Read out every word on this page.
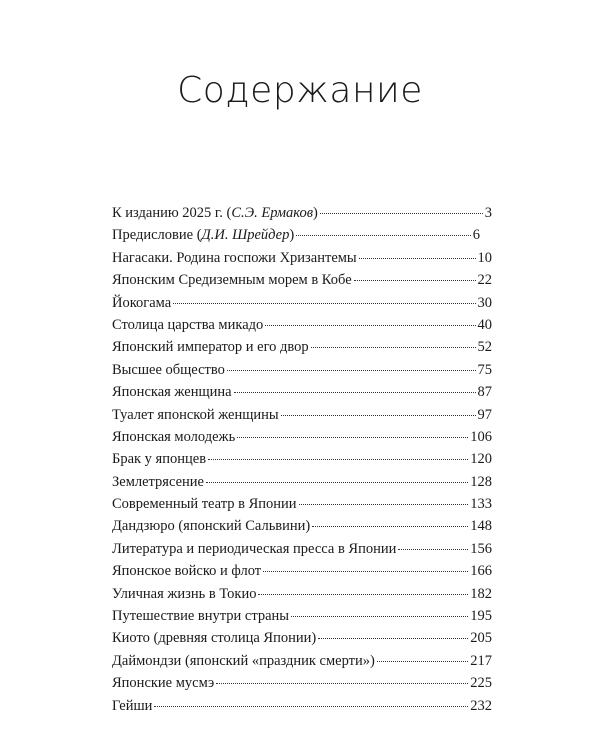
Содержание
К изданию 2025 г. (С.Э. Ермаков)	3
Предисловие (Д.И. Шрейдер)	6
Нагасаки. Родина госпожи Хризантемы	10
Японским Средиземным морем в Кобе	22
Йокогама	30
Столица царства микадо	40
Японский император и его двор	52
Высшее общество	75
Японская женщина	87
Туалет японской женщины	97
Японская молодежь	106
Брак у японцев	120
Землетрясение	128
Современный театр в Японии	133
Дандзюро (японский Сальвини)	148
Литература и периодическая пресса в Японии	156
Японское войско и флот	166
Уличная жизнь в Токио	182
Путешествие внутри страны	195
Киото (древняя столица Японии)	205
Даймондзи (японский «праздник смерти»)	217
Японские мусмэ	225
Гейши	232
